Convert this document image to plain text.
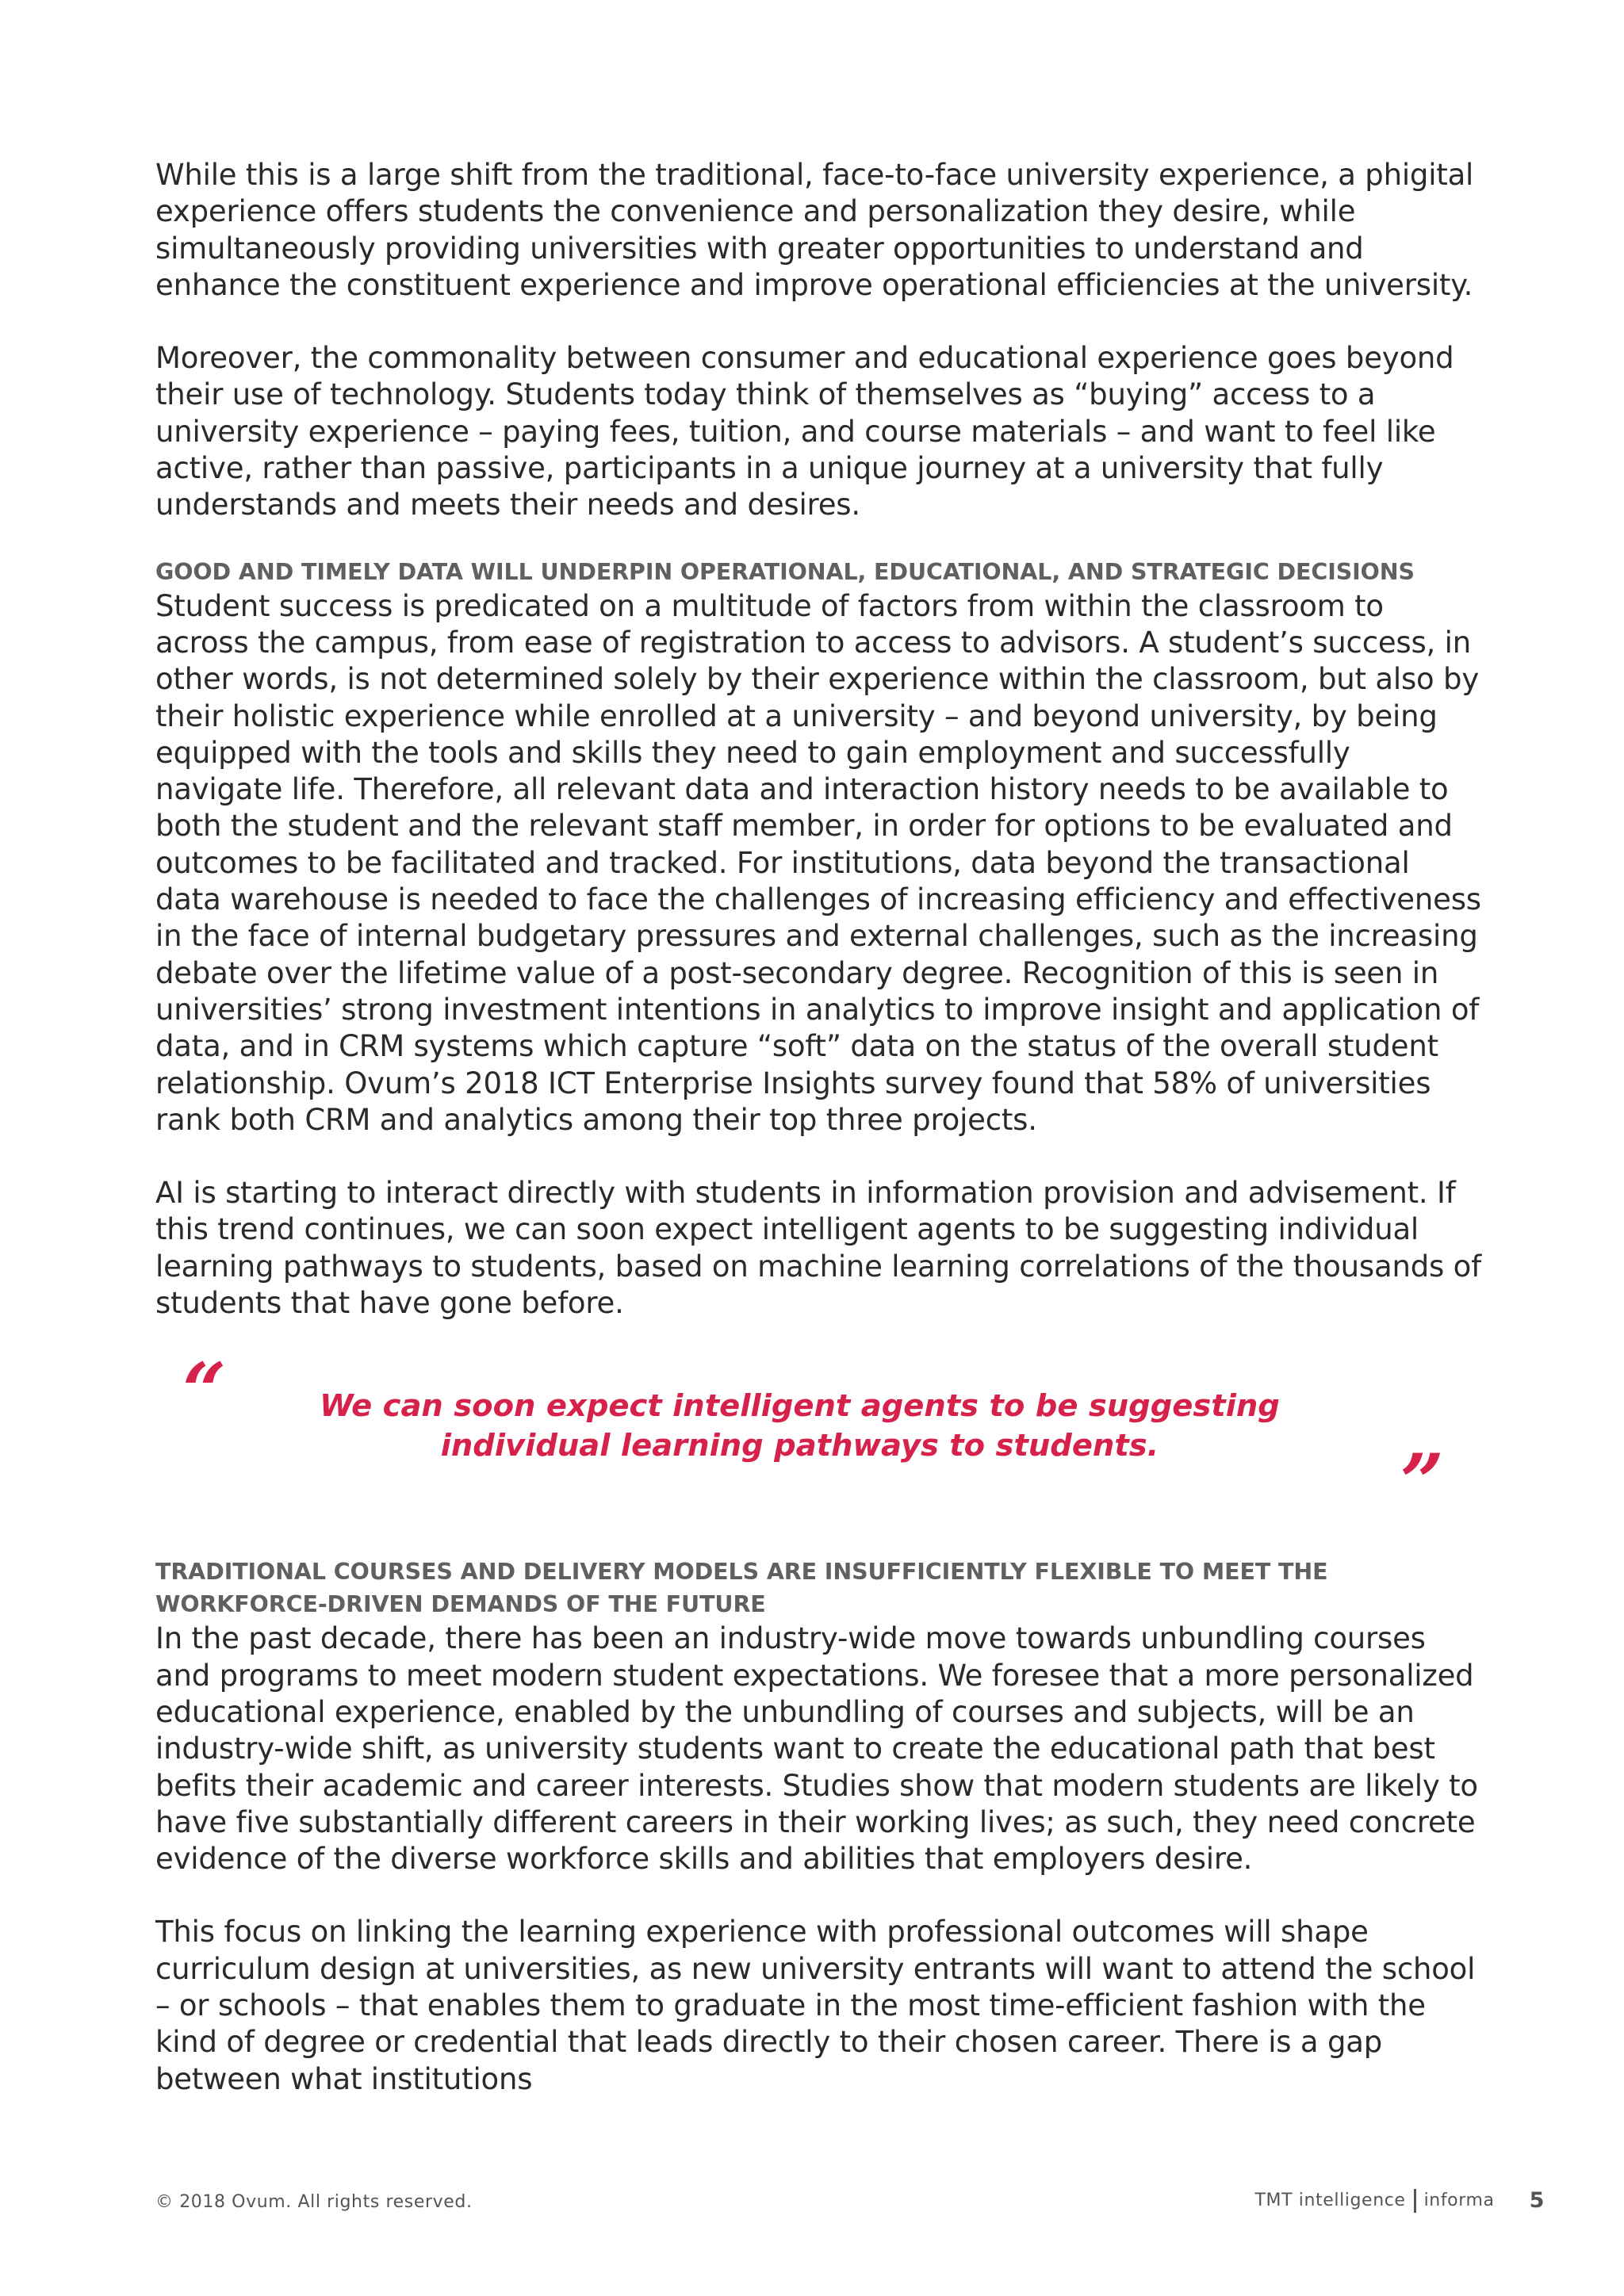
While this is a large shift from the traditional, face-to-face university experience, a phigital experience offers students the convenience and personalization they desire, while simultaneously providing universities with greater opportunities to understand and enhance the constituent experience and improve operational efficiencies at the university.

Moreover, the commonality between consumer and educational experience goes beyond their use of technology. Students today think of themselves as “buying” access to a university experience – paying fees, tuition, and course materials – and want to feel like active, rather than passive, participants in a unique journey at a university that fully understands and meets their needs and desires.

GOOD AND TIMELY DATA WILL UNDERPIN OPERATIONAL, EDUCATIONAL, AND STRATEGIC DECISIONS

Student success is predicated on a multitude of factors from within the classroom to across the campus, from ease of registration to access to advisors. A student’s success, in other words, is not determined solely by their experience within the classroom, but also by their holistic experience while enrolled at a university – and beyond university, by being equipped with the tools and skills they need to gain employment and successfully navigate life. Therefore, all relevant data and interaction history needs to be available to both the student and the relevant staff member, in order for options to be evaluated and outcomes to be facilitated and tracked. For institutions, data beyond the transactional data warehouse is needed to face the challenges of increasing efficiency and effectiveness in the face of internal budgetary pressures and external challenges, such as the increasing debate over the lifetime value of a post-secondary degree. Recognition of this is seen in universities’ strong investment intentions in analytics to improve insight and application of data, and in CRM systems which capture “soft” data on the status of the overall student relationship. Ovum’s 2018 ICT Enterprise Insights survey found that 58% of universities rank both CRM and analytics among their top three projects.

AI is starting to interact directly with students in information provision and advisement. If this trend continues, we can soon expect intelligent agents to be suggesting individual learning pathways to students, based on machine learning correlations of the thousands of students that have gone before.

“	We can soon expect intelligent agents to be suggesting individual learning pathways to students.	”
TRADITIONAL COURSES AND DELIVERY MODELS ARE INSUFFICIENTLY FLEXIBLE TO MEET THE WORKFORCE-DRIVEN DEMANDS OF THE FUTURE

In the past decade, there has been an industry-wide move towards unbundling courses and programs to meet modern student expectations. We foresee that a more personalized educational experience, enabled by the unbundling of courses and subjects, will be an industry-wide shift, as university students want to create the educational path that best befits their academic and career interests. Studies show that modern students are likely to have five substantially different careers in their working lives; as such, they need concrete evidence of the diverse workforce skills and abilities that employers desire.

This focus on linking the learning experience with professional outcomes will shape curriculum design at universities, as new university entrants will want to attend the school – or schools – that enables them to graduate in the most time-efficient fashion with the kind of degree or credential that leads directly to their chosen career. There is a gap between what institutions

© 2018 Ovum. All rights reserved.	TMT intelligence informa 5
